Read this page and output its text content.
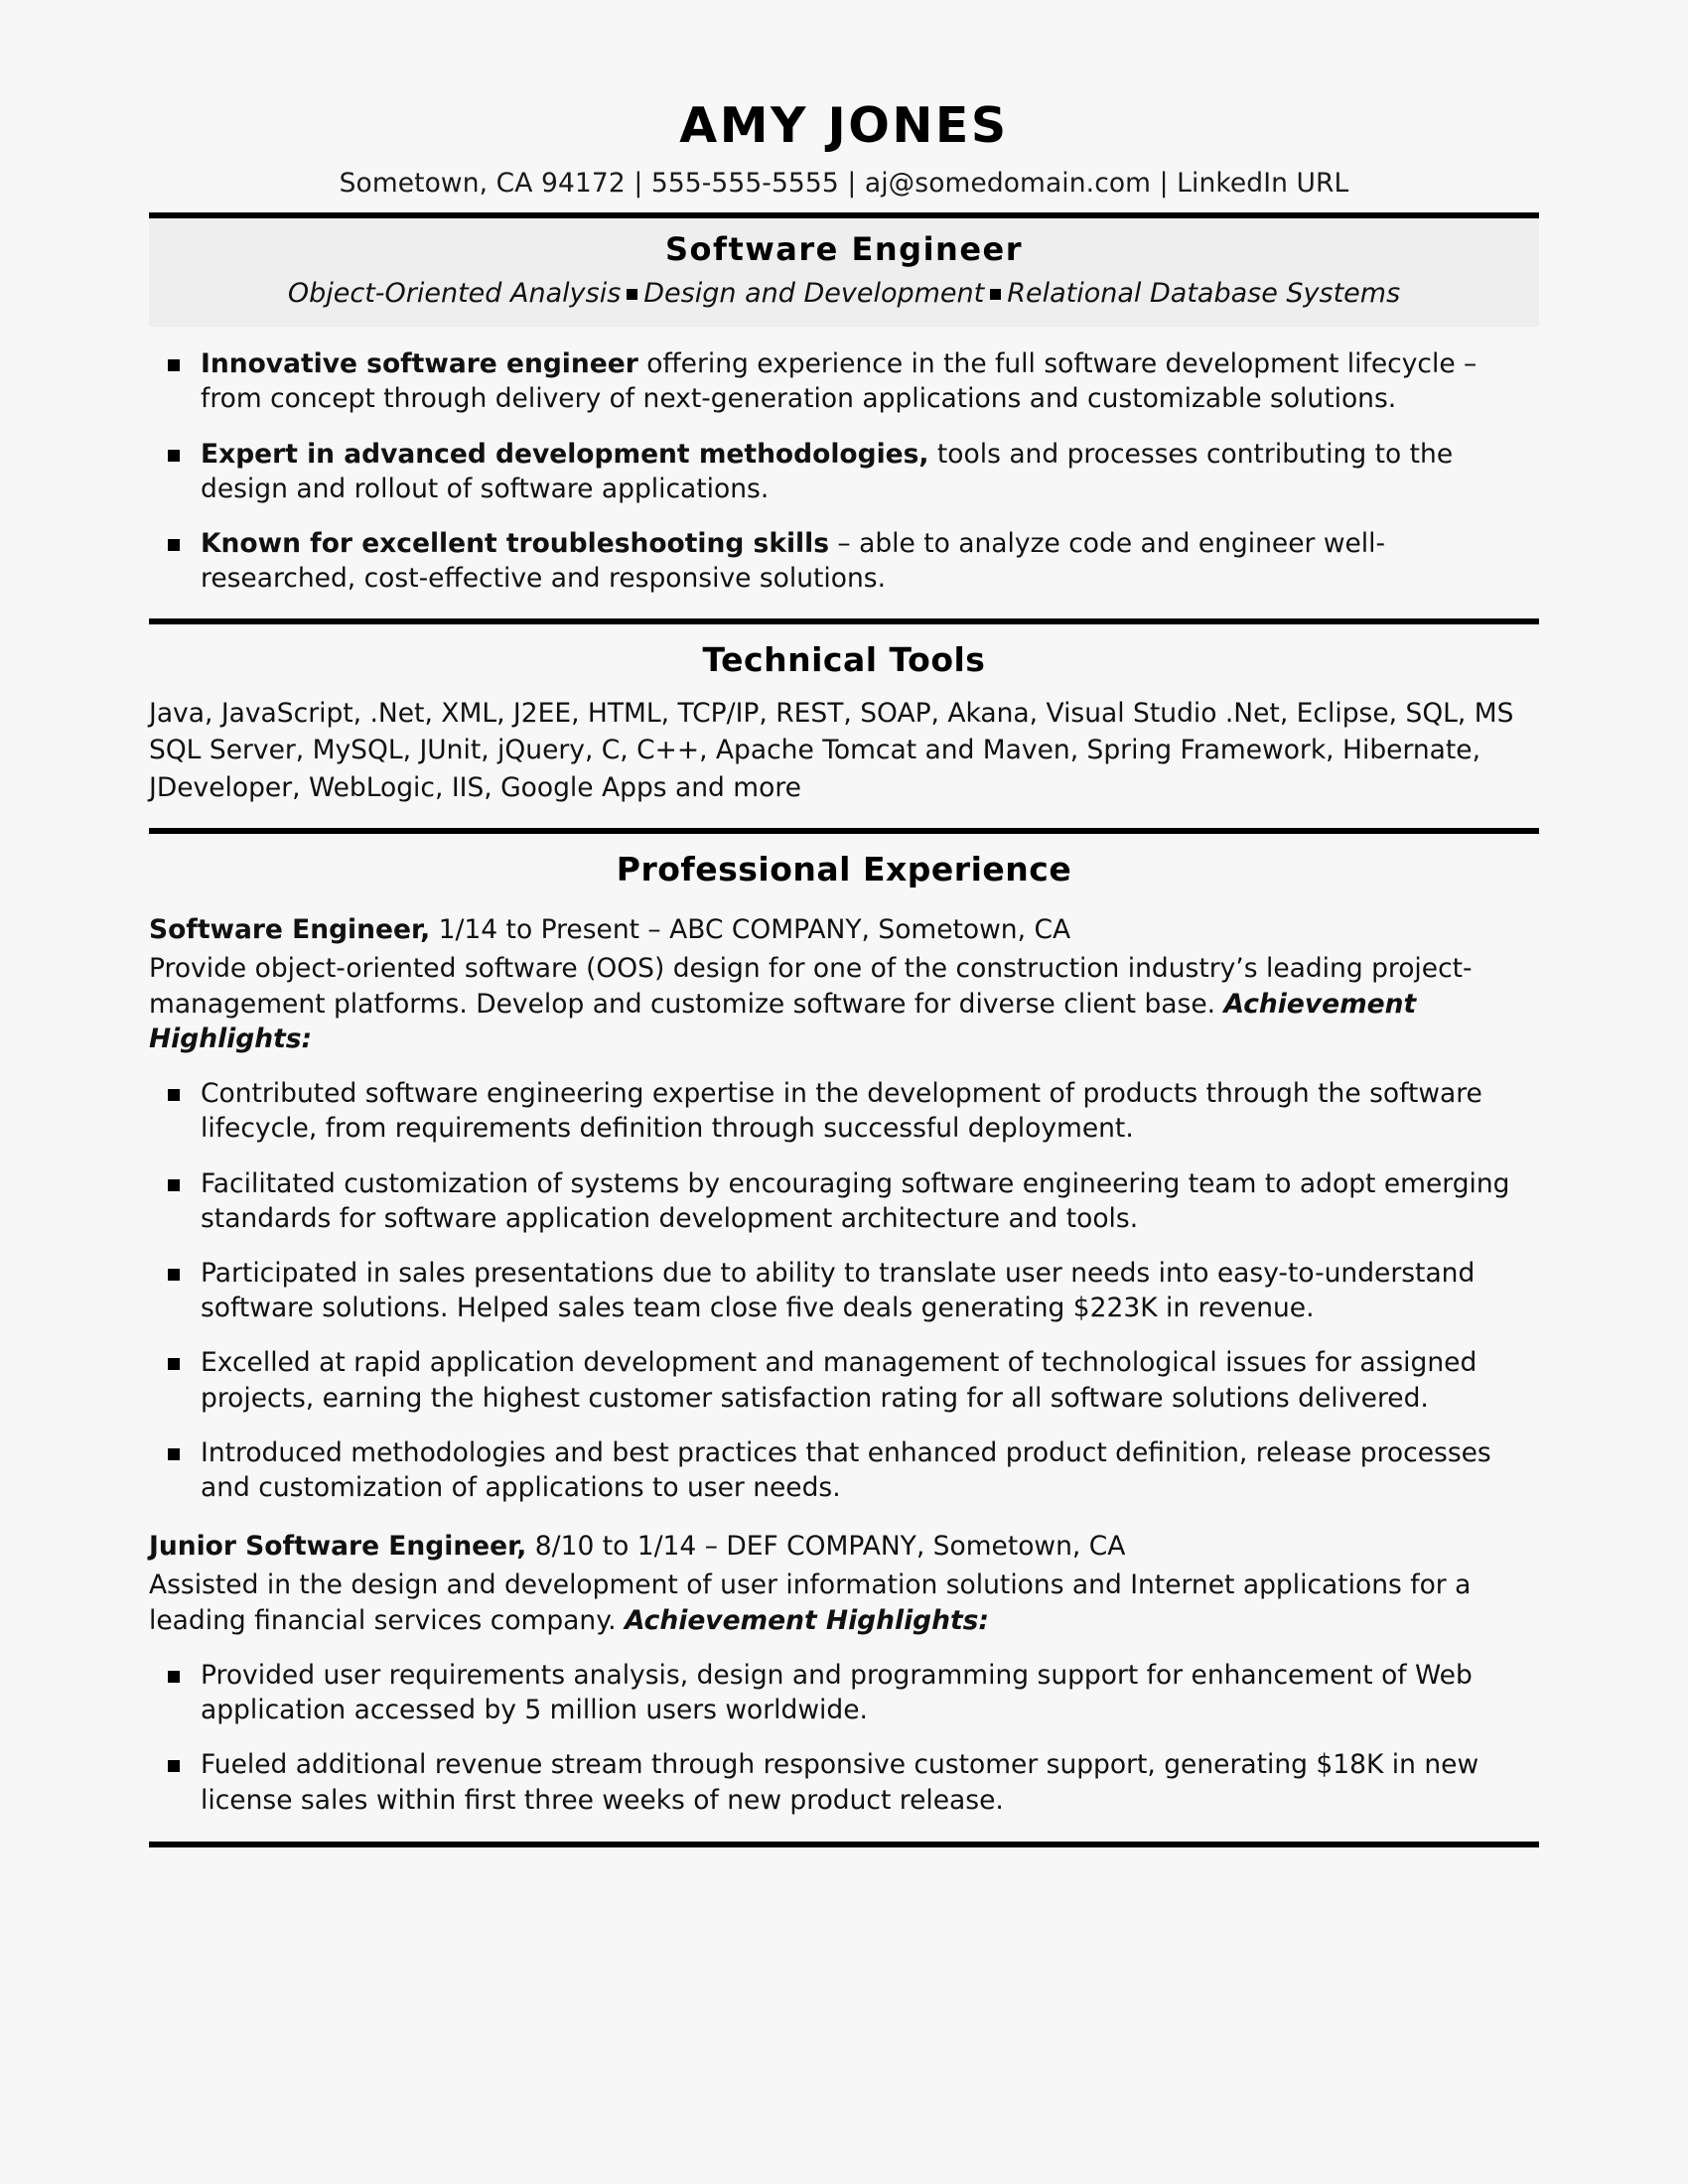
AMY JONES
Sometown, CA 94172 | 555-555-5555 | aj@somedomain.com | LinkedIn URL
Software Engineer
Object-Oriented Analysis Design and Development Relational Database Systems
Innovative software engineer offering experience in the full software development lifecycle – from concept through delivery of next-generation applications and customizable solutions.
Expert in advanced development methodologies, tools and processes contributing to the design and rollout of software applications.
Known for excellent troubleshooting skills – able to analyze code and engineer well-researched, cost-effective and responsive solutions.
Technical Tools
Java, JavaScript, .Net, XML, J2EE, HTML, TCP/IP, REST, SOAP, Akana, Visual Studio .Net, Eclipse, SQL, MS SQL Server, MySQL, JUnit, jQuery, C, C++, Apache Tomcat and Maven, Spring Framework, Hibernate, JDeveloper, WebLogic, IIS, Google Apps and more
Professional Experience
Software Engineer, 1/14 to Present – ABC COMPANY, Sometown, CA

Provide object-oriented software (OOS) design for one of the construction industry’s leading project- management platforms. Develop and customize software for diverse client base. Achievement Highlights:

Contributed software engineering expertise in the development of products through the software lifecycle, from requirements definition through successful deployment.
Facilitated customization of systems by encouraging software engineering team to adopt emerging standards for software application development architecture and tools.
Participated in sales presentations due to ability to translate user needs into easy-to-understand software solutions. Helped sales team close five deals generating $223K in revenue.
Excelled at rapid application development and management of technological issues for assigned projects, earning the highest customer satisfaction rating for all software solutions delivered.
Introduced methodologies and best practices that enhanced product definition, release processes and customization of applications to user needs.
Junior Software Engineer, 8/10 to 1/14 – DEF COMPANY, Sometown, CA

Assisted in the design and development of user information solutions and Internet applications for a leading financial services company. Achievement Highlights:

Provided user requirements analysis, design and programming support for enhancement of Web application accessed by 5 million users worldwide.
Fueled additional revenue stream through responsive customer support, generating $18K in new license sales within first three weeks of new product release.
